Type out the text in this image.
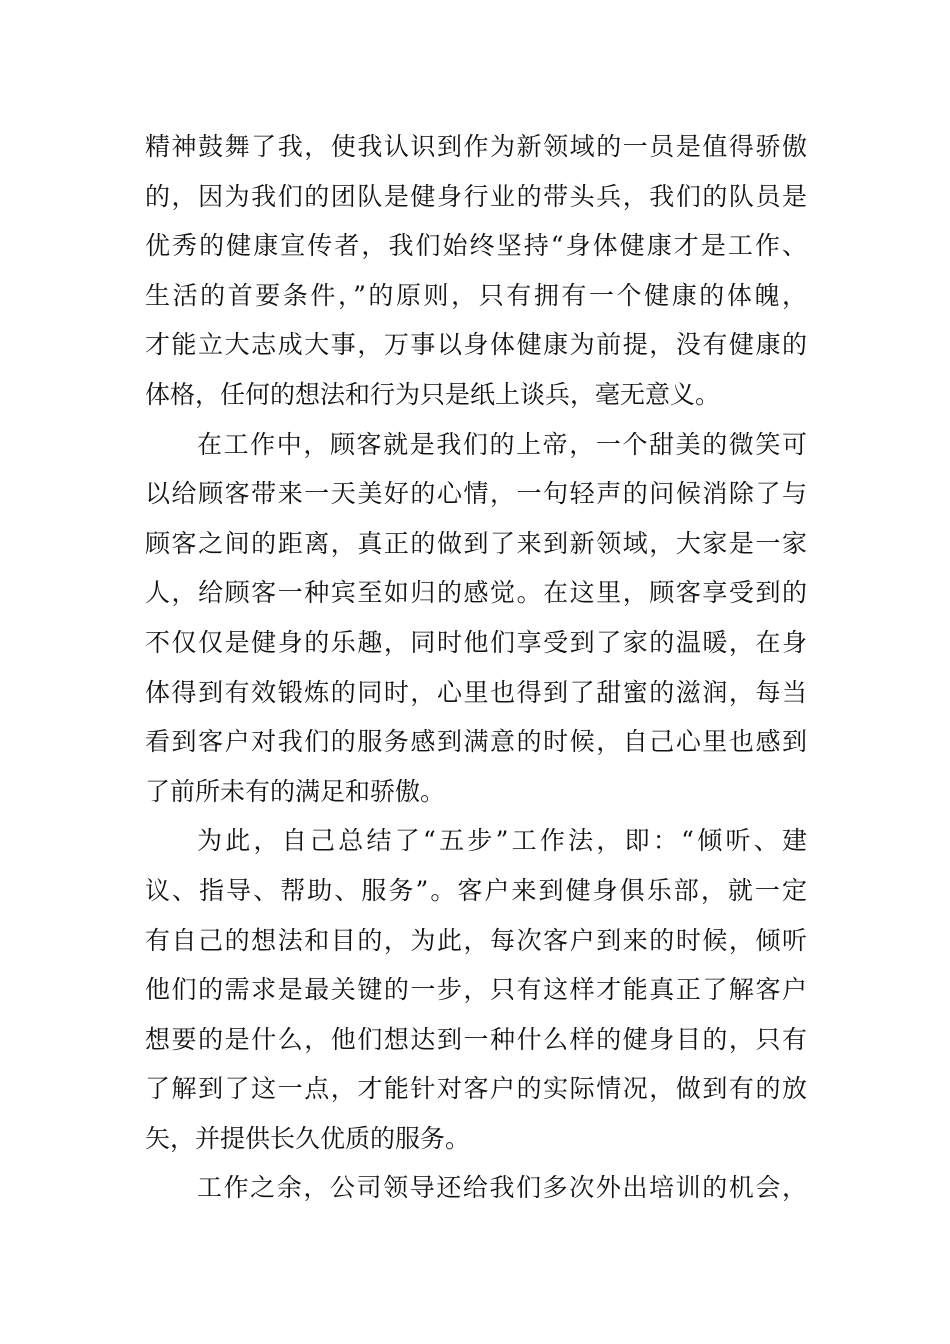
精神鼓舞了我，使我认识到作为新领域的一员是值得骄傲
的，因为我们的团队是健身行业的带头兵，我们的队员是
优秀的健康宣传者，我们始终坚持“身体健康才是工作、
生活的首要条件，”的原则，只有拥有一个健康的体魄，
才能立大志成大事，万事以身体健康为前提，没有健康的
体格，任何的想法和行为只是纸上谈兵，毫无意义。
在工作中，顾客就是我们的上帝，一个甜美的微笑可
以给顾客带来一天美好的心情，一句轻声的问候消除了与
顾客之间的距离，真正的做到了来到新领域，大家是一家
人，给顾客一种宾至如归的感觉。在这里，顾客享受到的
不仅仅是健身的乐趣，同时他们享受到了家的温暖，在身
体得到有效锻炼的同时，心里也得到了甜蜜的滋润，每当
看到客户对我们的服务感到满意的时候，自己心里也感到
了前所未有的满足和骄傲。
为此，自己总结了“五步”工作法，即：“倾听、建
议、指导、帮助、服务”。客户来到健身俱乐部，就一定
有自己的想法和目的，为此，每次客户到来的时候，倾听
他们的需求是最关键的一步，只有这样才能真正了解客户
想要的是什么，他们想达到一种什么样的健身目的，只有
了解到了这一点，才能针对客户的实际情况，做到有的放
矢，并提供长久优质的服务。
工作之余，公司领导还给我们多次外出培训的机会，
